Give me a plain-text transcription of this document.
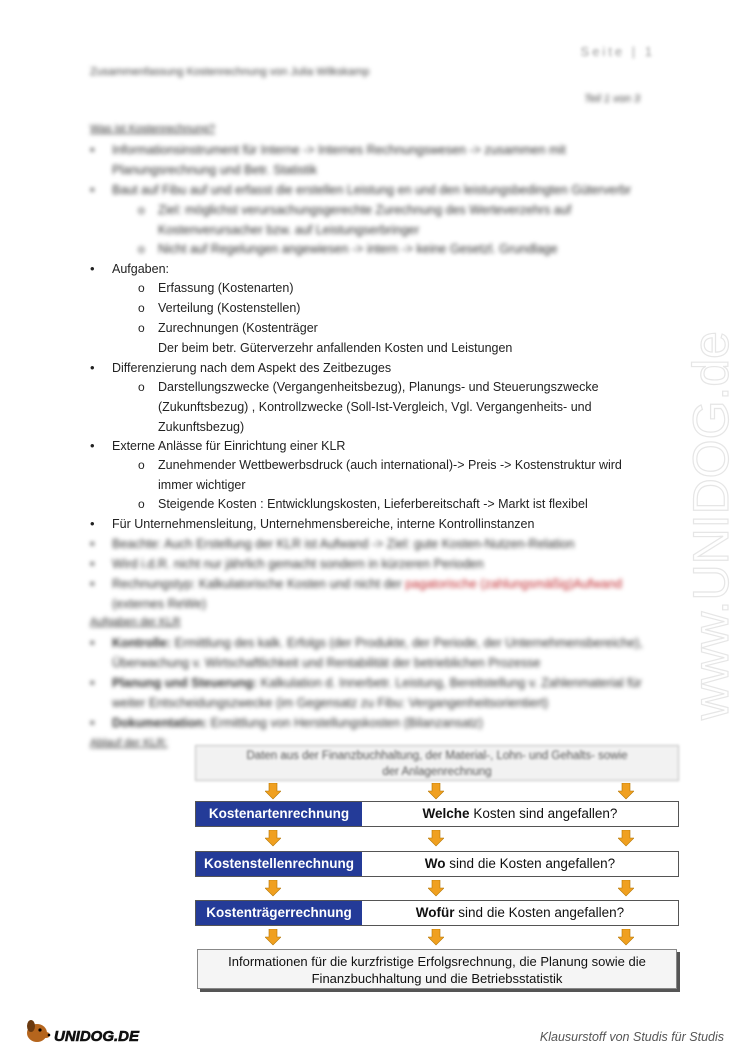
Seite | 1
Zusammenfassung Kostenrechnung von Julia Wilkskamp
Teil 1 von 3
Was ist Kostenrechnung?
• Informationsinstrument für Interne -> Internes Rechnungswesen -> zusammen mit
Planungsrechnung und Betr. Statistik
• Baut auf Fibu auf und erfasst die erstellen Leistung en und den leistungsbedingten Güterverbr
o Ziel: möglichst verursachungsgerechte Zurechnung des Werteverzehrs auf
Kostenverursacher bzw. auf Leistungserbringer
o Nicht auf Regelungen angewiesen -> intern -> keine Gesetzl. Grundlage
• Aufgaben:
o Erfassung (Kostenarten)
o Verteilung (Kostenstellen)
o Zurechnungen (Kostenträger
Der beim betr. Güterverzehr anfallenden Kosten und Leistungen
• Differenzierung nach dem Aspekt des Zeitbezuges
o Darstellungszwecke (Vergangenheitsbezug), Planungs- und Steuerungszwecke
(Zukunftsbezug) , Kontrollzwecke (Soll-Ist-Vergleich, Vgl. Vergangenheits- und
Zukunftsbezug)
• Externe Anlässe für Einrichtung einer KLR
o Zunehmender Wettbewerbsdruck (auch international)-> Preis -> Kostenstruktur wird
immer wichtiger
o Steigende Kosten : Entwicklungskosten, Lieferbereitschaft -> Markt ist flexibel
• Für Unternehmensleitung, Unternehmensbereiche, interne Kontrollinstanzen
• Beachte: Auch Erstellung der KLR ist Aufwand -> Ziel: gute Kosten-Nutzen-Relation
• Wird i.d.R. nicht nur jährlich gemacht sondern in kürzeren Perioden
• Rechnungstyp: Kalkulatorische Kosten und nicht der pagatorische (zahlungsmäßig)Aufwand
(externes ReWe)
Aufgaben der KLR
• Kontrolle: Ermittlung des kalk. Erfolgs (der Produkte, der Periode, der Unternehmensbereiche),
Überwachung v. Wirtschaftlichkeit und Rentabilität der betrieblichen Prozesse
• Planung und Steuerung: Kalkulation d. Innerbetr. Leistung, Bereitstellung v. Zahlenmaterial für
weiter Entscheidungszwecke (im Gegensatz zu Fibu: Vergangenheitsorientiert)
• Dokumentation: Ermittlung von Herstellungskosten (Bilanzansatz)
Ablauf der KLR:
Daten aus der Finanzbuchhaltung, der Material-, Lohn- und Gehalts- sowie
der Anlagenrechnung
Kostenartenrechnung	Welche Kosten sind angefallen?
Kostenstellenrechnung	Wo sind die Kosten angefallen?
Kostenträgerrechnung	Wofür sind die Kosten angefallen?
Informationen für die kurzfristige Erfolgsrechnung, die Planung sowie die
Finanzbuchhaltung und die Betriebsstatistik
www.UNIDOG.de
UNIDOG.DE	Klausurstoff von Studis für Studis
